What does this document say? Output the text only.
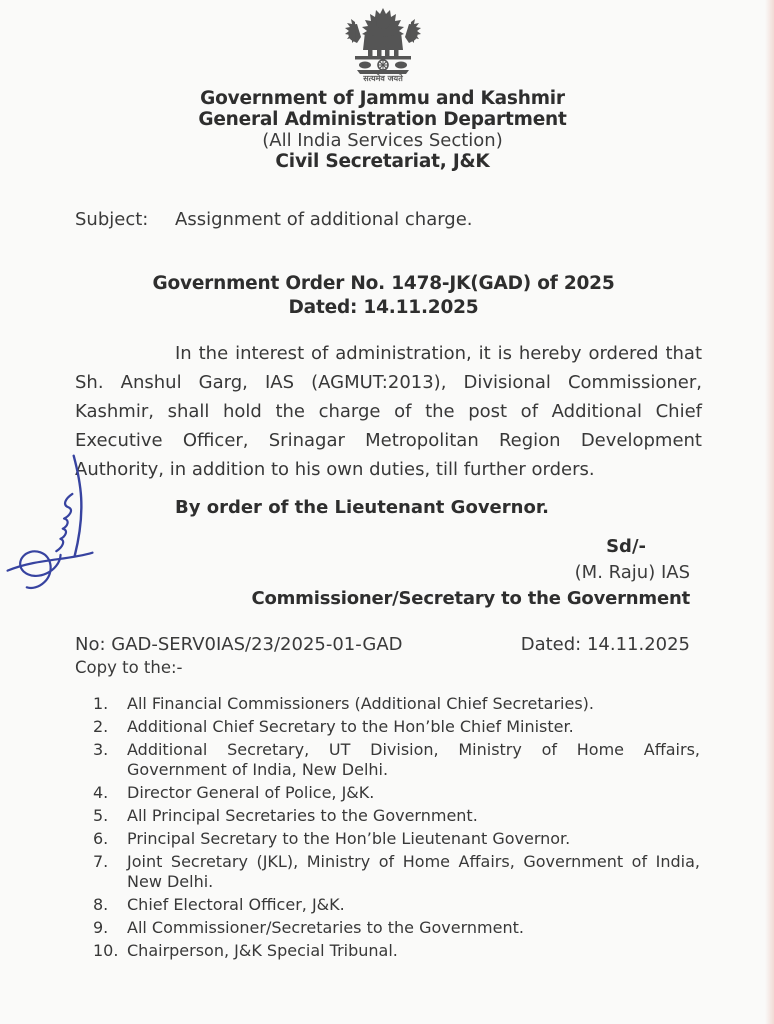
सत्यमेव जयते
Government of Jammu and Kashmir
General Administration Department
(All India Services Section)
Civil Secretariat, J&K
Subject:	Assignment of additional charge.
Government Order No. 1478-JK(GAD) of 2025
Dated: 14.11.2025
In the interest of administration, it is hereby ordered that Sh. Anshul Garg, IAS (AGMUT:2013), Divisional Commissioner, Kashmir, shall hold the charge of the post of Additional Chief Executive Officer, Srinagar Metropolitan Region Development Authority, in addition to his own duties, till further orders.
By order of the Lieutenant Governor.
Sd/-
(M. Raju) IAS
Commissioner/Secretary to the Government
No: GAD-SERV0IAS/23/2025-01-GAD	Dated: 14.11.2025
Copy to the:-
1.	All Financial Commissioners (Additional Chief Secretaries).
2.	Additional Chief Secretary to the Hon’ble Chief Minister.
3.	Additional Secretary, UT Division, Ministry of Home Affairs, Government of India, New Delhi.
4.	Director General of Police, J&K.
5.	All Principal Secretaries to the Government.
6.	Principal Secretary to the Hon’ble Lieutenant Governor.
7.	Joint Secretary (JKL), Ministry of Home Affairs, Government of India, New Delhi.
8.	Chief Electoral Officer, J&K.
9.	All Commissioner/Secretaries to the Government.
10. Chairperson, J&K Special Tribunal.
